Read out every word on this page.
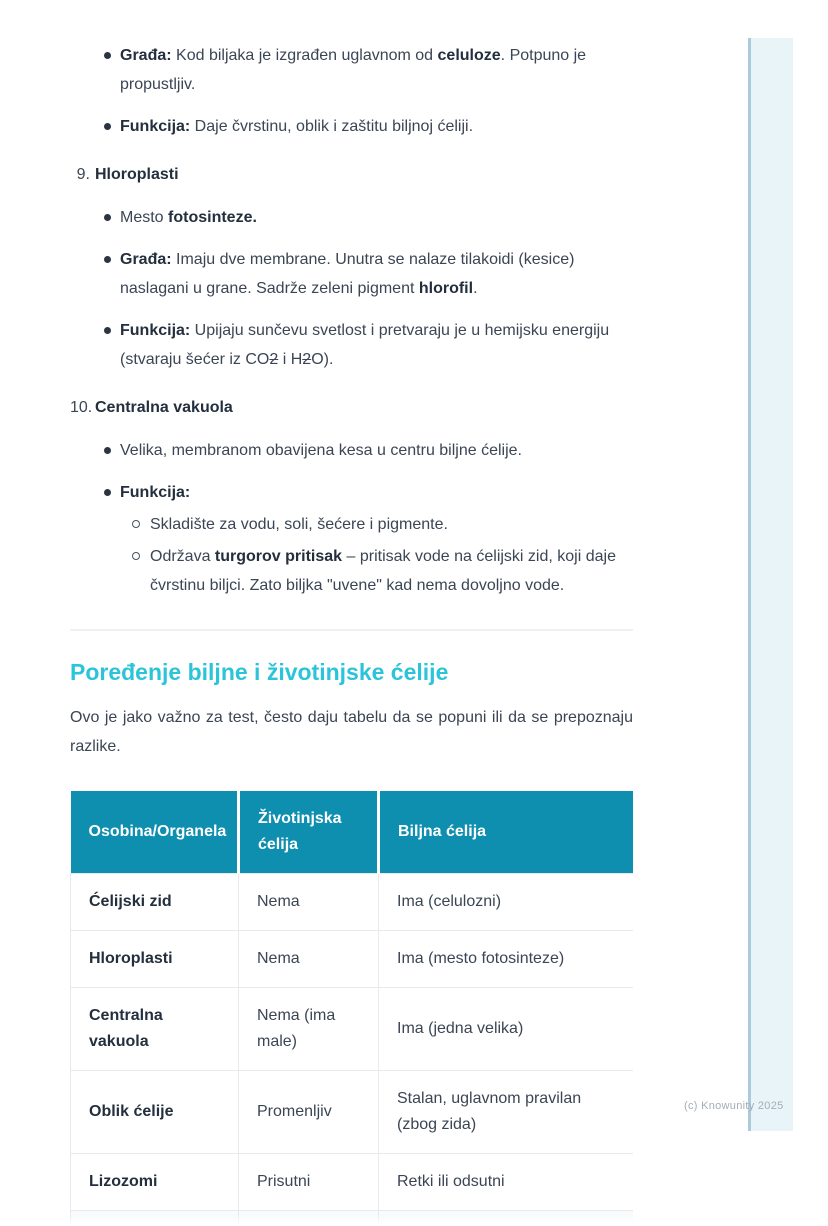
Građa: Kod biljaka je izgrađen uglavnom od celuloze. Potpuno je propustljiv.
Funkcija: Daje čvrstinu, oblik i zaštitu biljnoj ćeliji.
9. Hloroplasti
Mesto fotosinteze.
Građa: Imaju dve membrane. Unutra se nalaze tilakoidi (kesice) naslagani u grane. Sadrže zeleni pigment hlorofil.
Funkcija: Upijaju sunčevu svetlost i pretvaraju je u hemijsku energiju (stvaraju šećer iz CO2 i H2O).
10. Centralna vakuola
Velika, membranom obavijena kesa u centru biljne ćelije.
Funkcija:
Skladište za vodu, soli, šećere i pigmente.
Održava turgorov pritisak – pritisak vode na ćelijski zid, koji daje čvrstinu biljci. Zato biljka "uvene" kad nema dovoljno vode.
Poređenje biljne i životinjske ćelije

Ovo je jako važno za test, često daju tabelu da se popuni ili da se prepoznaju razlike.

Osobina/Organela	Životinjska ćelija	Biljna ćelija
Ćelijski zid	Nema	Ima (celulozni)
Hloroplasti	Nema	Ima (mesto fotosinteze)
Centralna vakuola	Nema (ima male)	Ima (jedna velika)
Oblik ćelije	Promenljiv	Stalan, uglavnom pravilan (zbog zida)
Lizozomi	Prisutni	Retki ili odsutni

(c) Knowunity 2025
